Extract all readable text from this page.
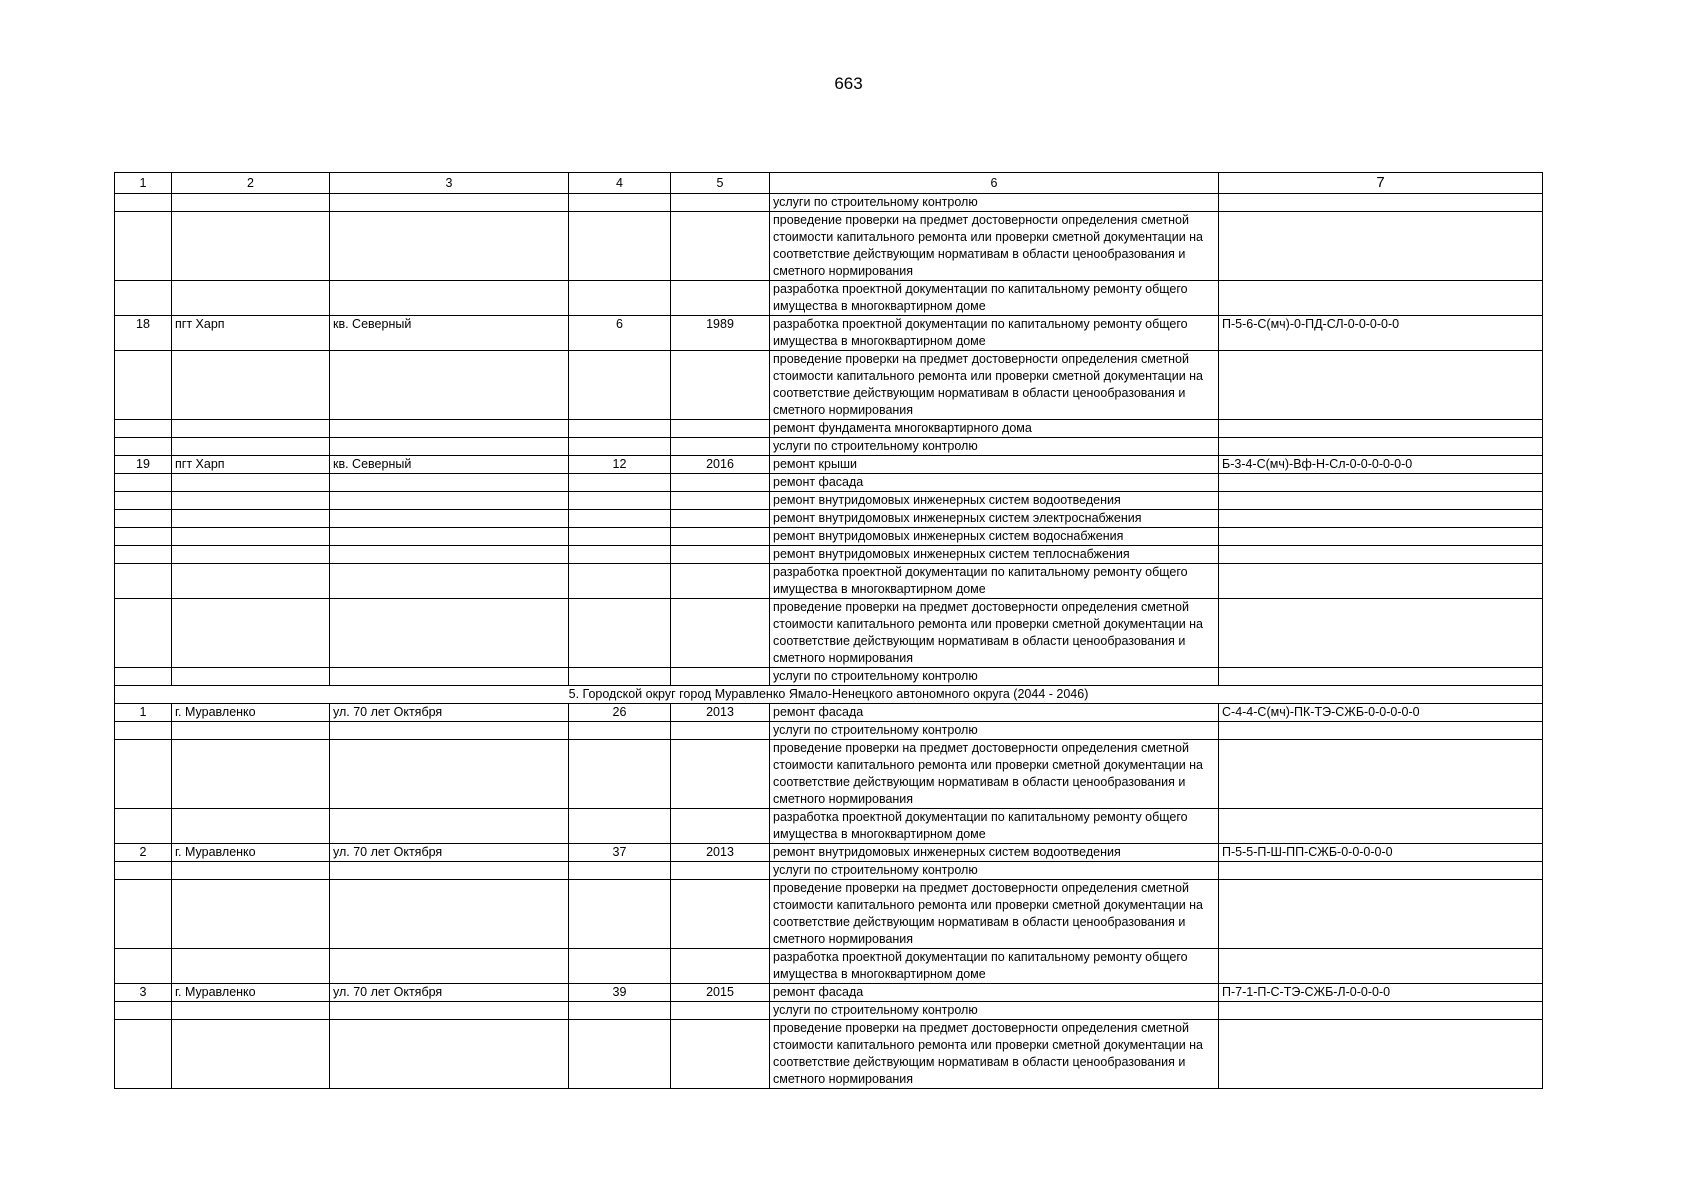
663
1	2	3	4	5	6	7
					услуги по строительному контролю	
					проведение проверки на предмет достоверности определения сметной стоимости капитального ремонта или проверки сметной документации на соответствие действующим нормативам в области ценообразования и сметного нормирования	
					разработка проектной документации по капитальному ремонту общего имущества в многоквартирном доме	
18	пгт Харп	кв. Северный	6	1989	разработка проектной документации по капитальному ремонту общего имущества в многоквартирном доме	П-5-6-С(мч)-0-ПД-СЛ-0-0-0-0-0
					проведение проверки на предмет достоверности определения сметной стоимости капитального ремонта или проверки сметной документации на соответствие действующим нормативам в области ценообразования и сметного нормирования	
					ремонт фундамента многоквартирного дома	
					услуги по строительному контролю	
19	пгт Харп	кв. Северный	12	2016	ремонт крыши	Б-3-4-С(мч)-Вф-Н-Сл-0-0-0-0-0-0
					ремонт фасада	
					ремонт внутридомовых инженерных систем водоотведения	
					ремонт внутридомовых инженерных систем электроснабжения	
					ремонт внутридомовых инженерных систем водоснабжения	
					ремонт внутридомовых инженерных систем теплоснабжения	
					разработка проектной документации по капитальному ремонту общего имущества в многоквартирном доме	
					проведение проверки на предмет достоверности определения сметной стоимости капитального ремонта или проверки сметной документации на соответствие действующим нормативам в области ценообразования и сметного нормирования	
					услуги по строительному контролю	
5. Городской округ город Муравленко Ямало-Ненецкого автономного округа (2044 - 2046)						
1	г. Муравленко	ул. 70 лет Октября	26	2013	ремонт фасада	С-4-4-С(мч)-ПК-ТЭ-СЖБ-0-0-0-0-0
					услуги по строительному контролю	
					проведение проверки на предмет достоверности определения сметной стоимости капитального ремонта или проверки сметной документации на соответствие действующим нормативам в области ценообразования и сметного нормирования	
					разработка проектной документации по капитальному ремонту общего имущества в многоквартирном доме	
2	г. Муравленко	ул. 70 лет Октября	37	2013	ремонт внутридомовых инженерных систем водоотведения	П-5-5-П-Ш-ПП-СЖБ-0-0-0-0-0
					услуги по строительному контролю	
					проведение проверки на предмет достоверности определения сметной стоимости капитального ремонта или проверки сметной документации на соответствие действующим нормативам в области ценообразования и сметного нормирования	
					разработка проектной документации по капитальному ремонту общего имущества в многоквартирном доме	
3	г. Муравленко	ул. 70 лет Октября	39	2015	ремонт фасада	П-7-1-П-С-ТЭ-СЖБ-Л-0-0-0-0
					услуги по строительному контролю	
					проведение проверки на предмет достоверности определения сметной стоимости капитального ремонта или проверки сметной документации на соответствие действующим нормативам в области ценообразования и сметного нормирования	
